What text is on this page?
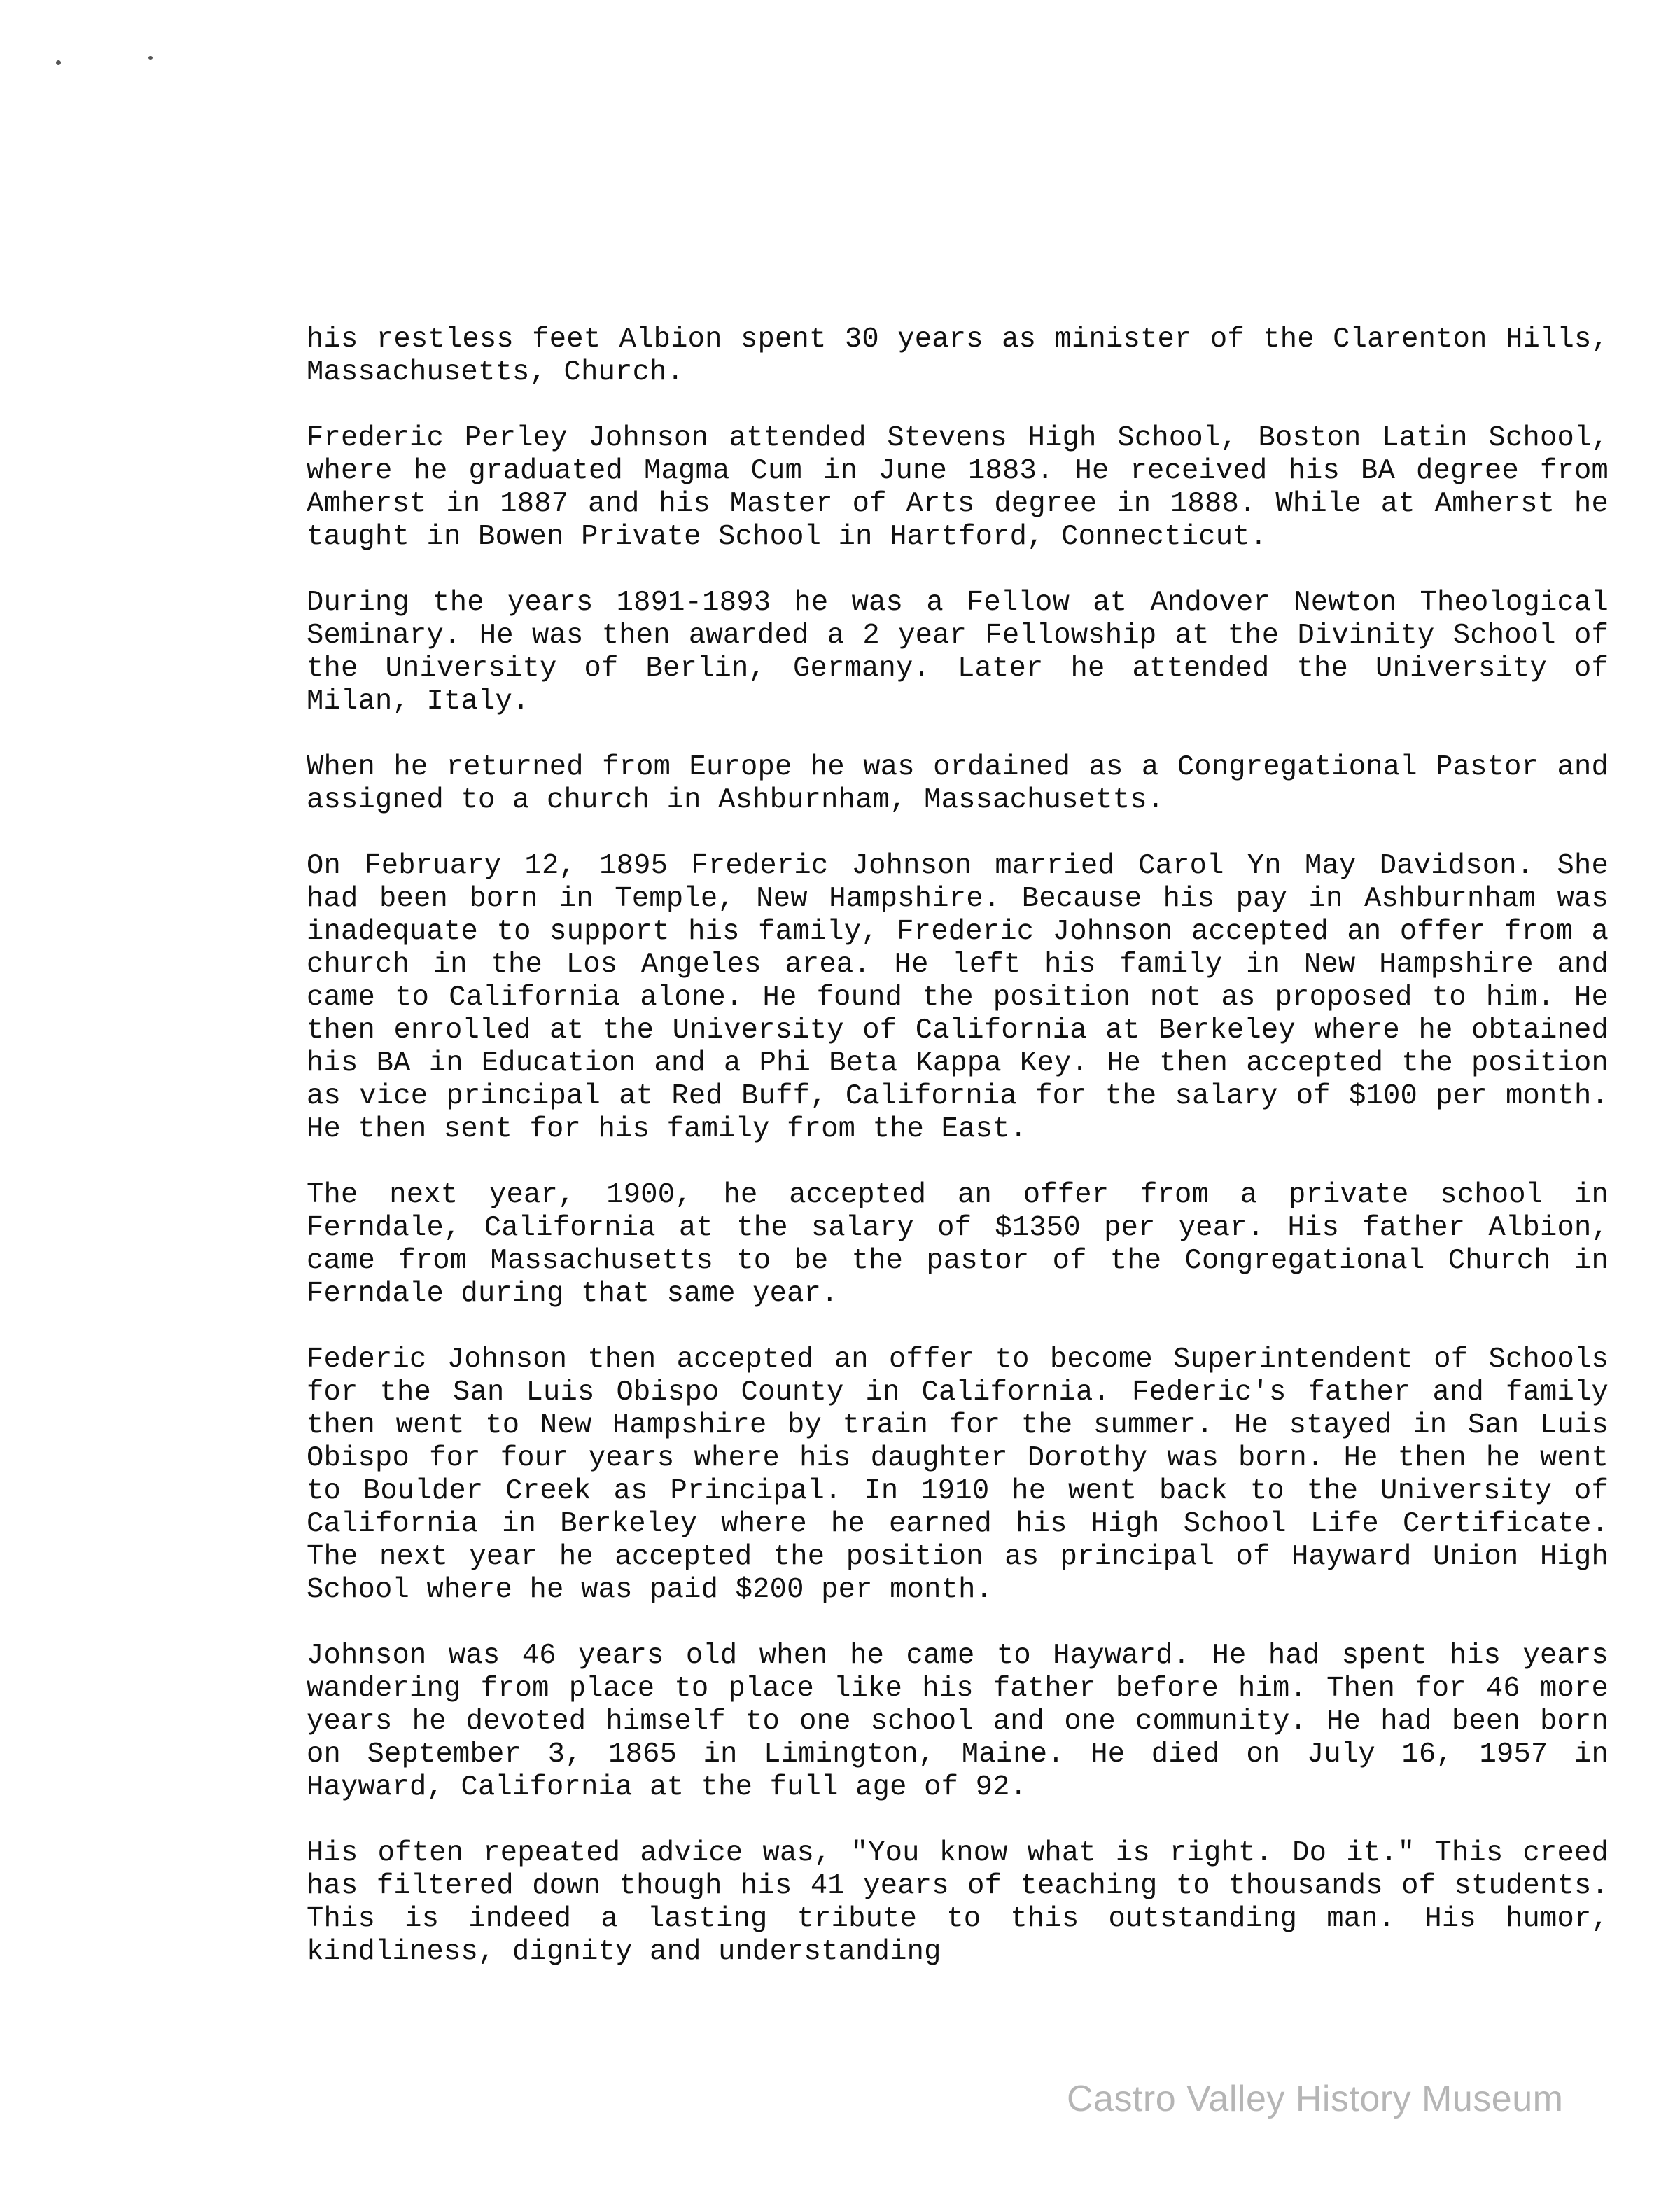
his restless feet Albion spent 30 years as minister of the Clarenton Hills, Massachusetts, Church.

Frederic Perley Johnson attended Stevens High School, Boston Latin School, where he graduated Magma Cum in June 1883. He received his BA degree from Amherst in 1887 and his Master of Arts degree in 1888. While at Amherst he taught in Bowen Private School in Hartford, Connecticut.

During the years 1891-1893 he was a Fellow at Andover Newton Theological Seminary. He was then awarded a 2 year Fellowship at the Divinity School of the University of Berlin, Germany. Later he attended the University of Milan, Italy.

When he returned from Europe he was ordained as a Congregational Pastor and assigned to a church in Ashburnham, Massachusetts.

On February 12, 1895 Frederic Johnson married Carol Yn May Davidson. She had been born in Temple, New Hampshire. Because his pay in Ashburnham was inadequate to support his family, Frederic Johnson accepted an offer from a church in the Los Angeles area. He left his family in New Hampshire and came to California alone. He found the position not as proposed to him. He then enrolled at the University of California at Berkeley where he obtained his BA in Education and a Phi Beta Kappa Key. He then accepted the position as vice principal at Red Buff, California for the salary of $100 per month. He then sent for his family from the East.

The next year, 1900, he accepted an offer from a private school in Ferndale, California at the salary of $1350 per year. His father Albion, came from Massachusetts to be the pastor of the Congregational Church in Ferndale during that same year.

Federic Johnson then accepted an offer to become Superintendent of Schools for the San Luis Obispo County in California. Federic's father and family then went to New Hampshire by train for the summer. He stayed in San Luis Obispo for four years where his daughter Dorothy was born. He then he went to Boulder Creek as Principal. In 1910 he went back to the University of California in Berkeley where he earned his High School Life Certificate. The next year he accepted the position as principal of Hayward Union High School where he was paid $200 per month.

Johnson was 46 years old when he came to Hayward. He had spent his years wandering from place to place like his father before him. Then for 46 more years he devoted himself to one school and one community. He had been born on September 3, 1865 in Limington, Maine. He died on July 16, 1957 in Hayward, California at the full age of 92.

His often repeated advice was, "You know what is right. Do it." This creed has filtered down though his 41 years of teaching to thousands of students. This is indeed a lasting tribute to this outstanding man. His humor, kindliness, dignity and understanding

Castro Valley History Museum
